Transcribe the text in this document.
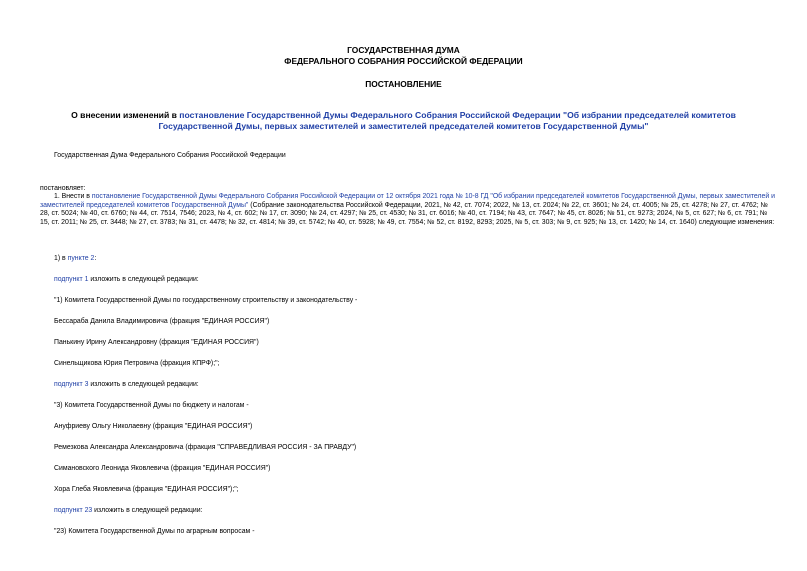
ГОСУДАРСТВЕННАЯ ДУМА
ФЕДЕРАЛЬНОГО СОБРАНИЯ РОССИЙСКОЙ ФЕДЕРАЦИИ
ПОСТАНОВЛЕНИЕ
О внесении изменений в постановление Государственной Думы Федерального Собрания Российской Федерации "Об избрании председателей комитетов Государственной Думы, первых заместителей и заместителей председателей комитетов Государственной Думы"
Государственная Дума Федерального Собрания Российской Федерации
постановляет:
1. Внести в постановление Государственной Думы Федерального Собрания Российской Федерации от 12 октября 2021 года № 10-8 ГД "Об избрании председателей комитетов Государственной Думы, первых заместителей и заместителей председателей комитетов Государственной Думы" (Собрание законодательства Российской Федерации, 2021, № 42, ст. 7074; 2022, № 13, ст. 2024; № 22, ст. 3601; № 24, ст. 4005; № 25, ст. 4278; № 27, ст. 4762; № 28, ст. 5024; № 40, ст. 6760; № 44, ст. 7514, 7546; 2023, № 4, ст. 602; № 17, ст. 3090; № 24, ст. 4297; № 25, ст. 4530; № 31, ст. 6016; № 40, ст. 7194; № 43, ст. 7647; № 45, ст. 8026; № 51, ст. 9273; 2024, № 5, ст. 627; № 6, ст. 791; № 15, ст. 2011; № 25, ст. 3448; № 27, ст. 3783; № 31, ст. 4478; № 32, ст. 4814; № 39, ст. 5742; № 40, ст. 5928; № 49, ст. 7554; № 52, ст. 8192, 8293; 2025, № 5, ст. 303; № 9, ст. 925; № 13, ст. 1420; № 14, ст. 1640) следующие изменения:
1) в пункте 2:
подпункт 1 изложить в следующей редакции:
"1) Комитета Государственной Думы по государственному строительству и законодательству -
Бессараба Данила Владимировича (фракция "ЕДИНАЯ РОССИЯ")
Панькину Ирину Александровну (фракция "ЕДИНАЯ РОССИЯ")
Синельщикова Юрия Петровича (фракция КПРФ);";
подпункт 3 изложить в следующей редакции:
"3) Комитета Государственной Думы по бюджету и налогам -
Ануфриеву Ольгу Николаевну (фракция "ЕДИНАЯ РОССИЯ")
Ремезкова Александра Александровича (фракция "СПРАВЕДЛИВАЯ РОССИЯ - ЗА ПРАВДУ")
Симановского Леонида Яковлевича (фракция "ЕДИНАЯ РОССИЯ")
Хора Глеба Яковлевича (фракция "ЕДИНАЯ РОССИЯ");";
подпункт 23 изложить в следующей редакции:
"23) Комитета Государственной Думы по аграрным вопросам -
